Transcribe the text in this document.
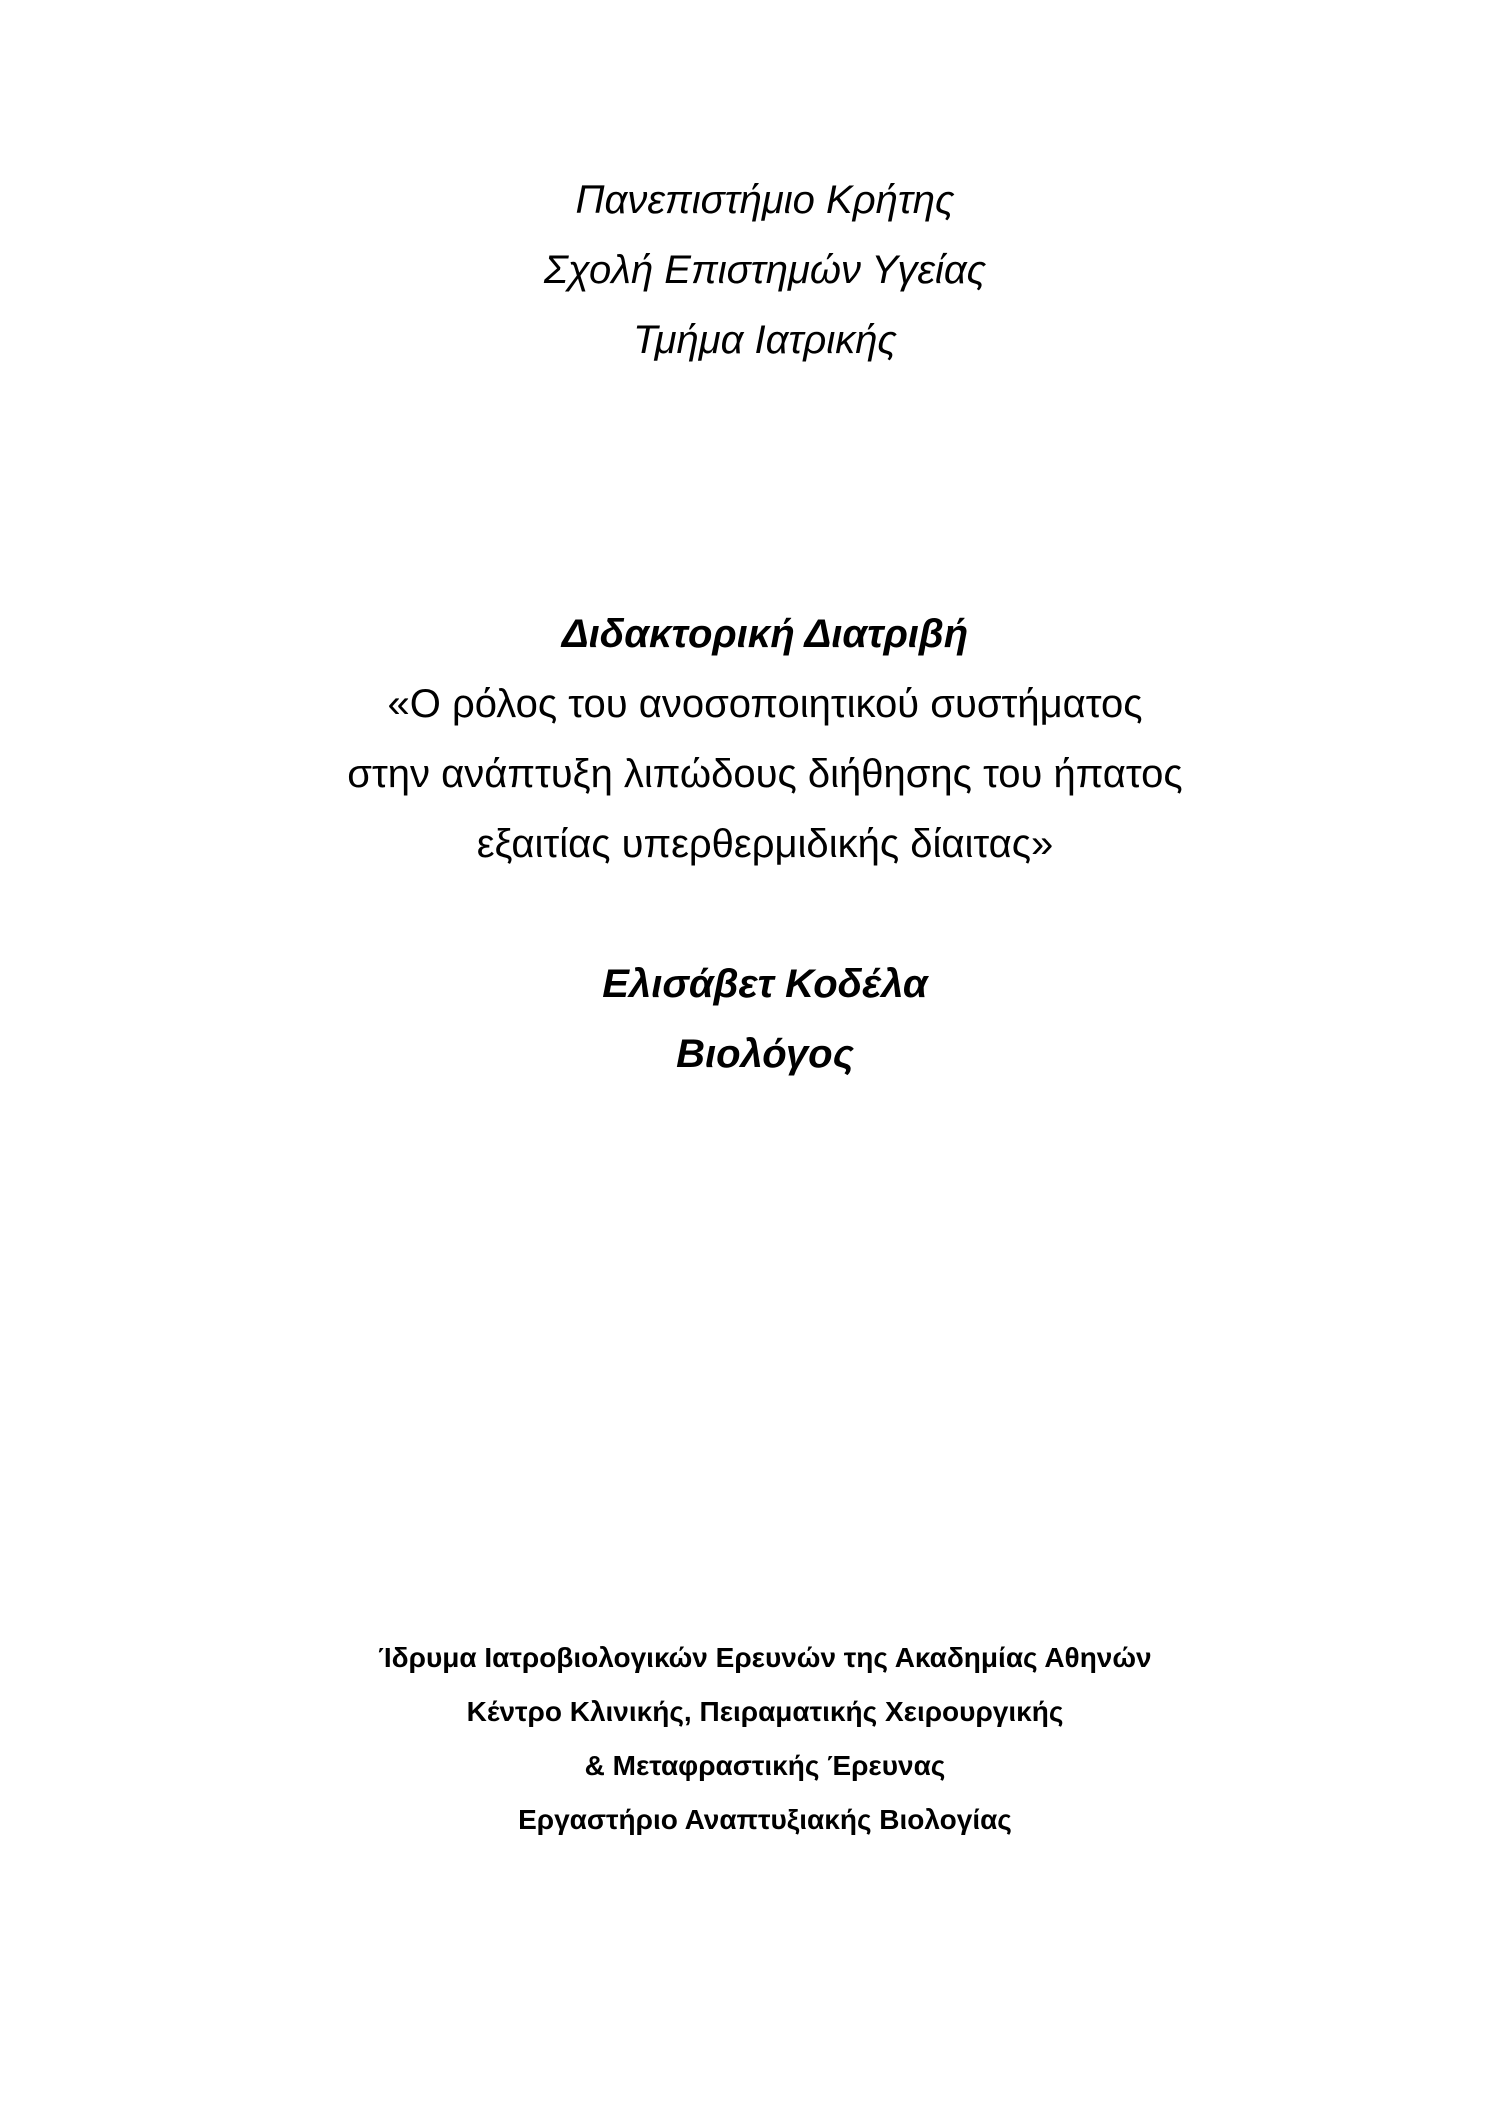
Πανεπιστήμιο Κρήτης
Σχολή Επιστημών Υγείας
Τμήμα Ιατρικής
Διδακτορική Διατριβή
«Ο ρόλος του ανοσοποιητικού συστήματος
στην ανάπτυξη λιπώδους διήθησης του ήπατος
εξαιτίας υπερθερμιδικής δίαιτας»
Ελισάβετ Κοδέλα
Βιολόγος
Ίδρυμα Ιατροβιολογικών Ερευνών της Ακαδημίας Αθηνών
Κέντρο Κλινικής, Πειραματικής Χειρουργικής
& Μεταφραστικής Έρευνας
Εργαστήριο Αναπτυξιακής Βιολογίας
